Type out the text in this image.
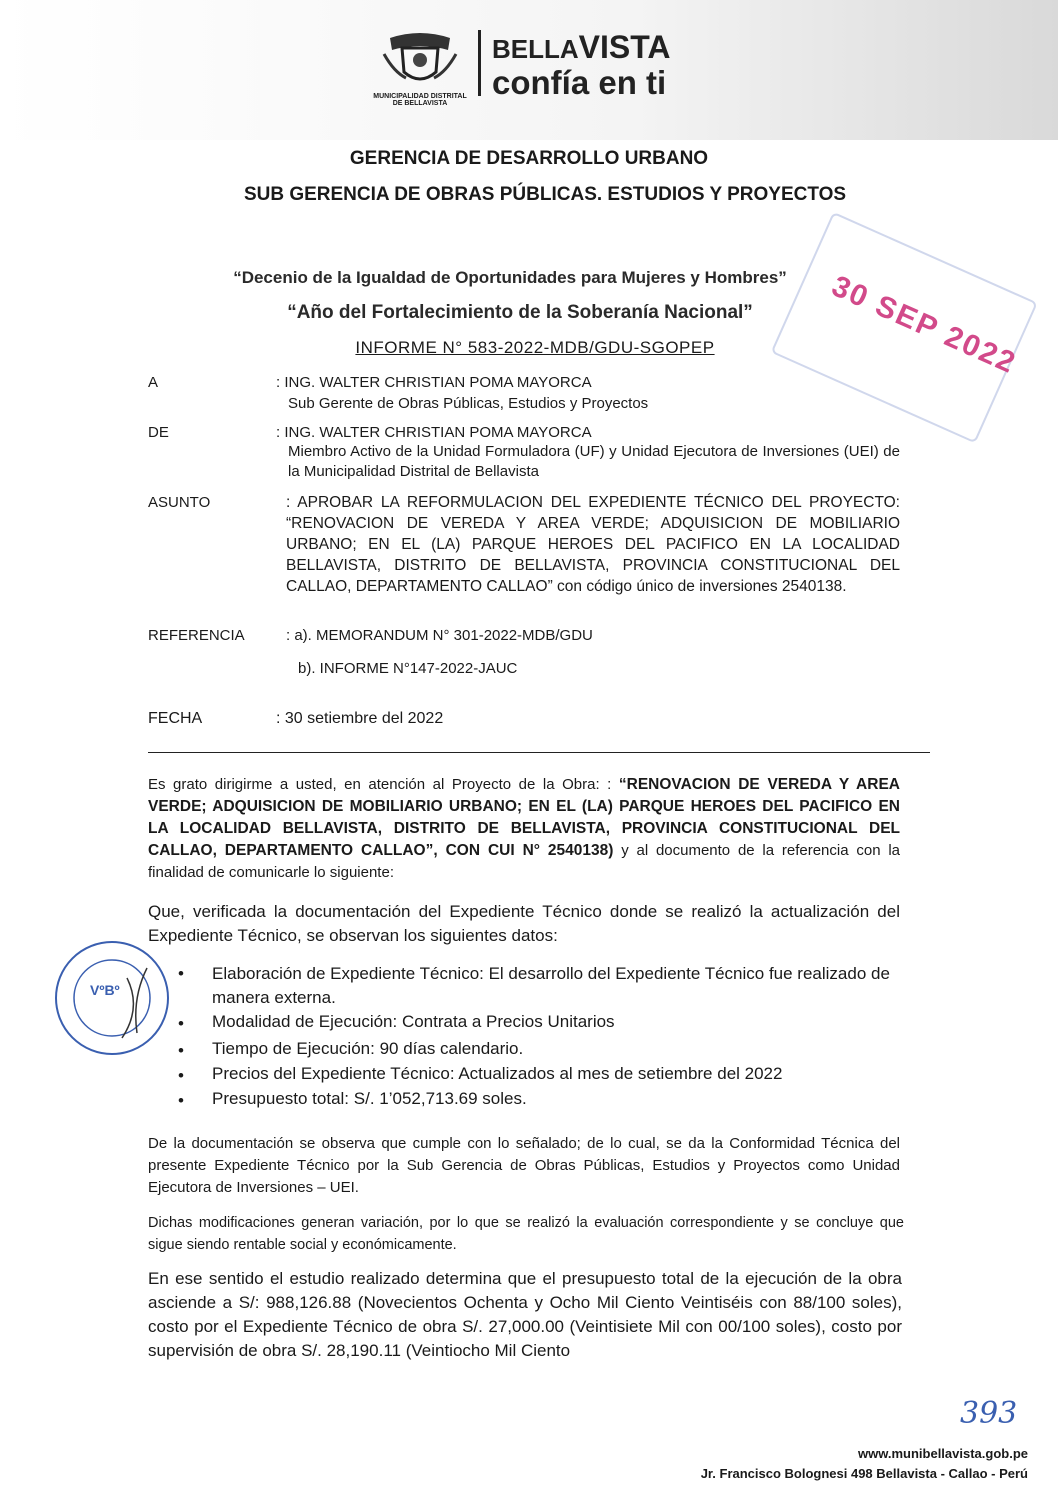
MUNICIPALIDAD DISTRITAL
DE BELLAVISTA
BELLAVISTA
confía en ti
GERENCIA DE DESARROLLO URBANO
SUB GERENCIA DE OBRAS PÚBLICAS. ESTUDIOS Y PROYECTOS
“Decenio de la Igualdad de Oportunidades para Mujeres y Hombres”
“Año del Fortalecimiento de la Soberanía Nacional”	30 SEP 2022
INFORME N° 583-2022-MDB/GDU-SGOPEP
A	: ING. WALTER CHRISTIAN POMA MAYORCA
Sub Gerente de Obras Públicas, Estudios y Proyectos
DE	: ING. WALTER CHRISTIAN POMA MAYORCA
Miembro Activo de la Unidad Formuladora (UF) y Unidad Ejecutora de Inversiones (UEI) de la Municipalidad Distrital de Bellavista
ASUNTO	: APROBAR LA REFORMULACION DEL EXPEDIENTE TÉCNICO DEL PROYECTO: “RENOVACION DE VEREDA Y AREA VERDE; ADQUISICION DE MOBILIARIO URBANO; EN EL (LA) PARQUE HEROES DEL PACIFICO EN LA LOCALIDAD BELLAVISTA, DISTRITO DE BELLAVISTA, PROVINCIA CONSTITUCIONAL DEL CALLAO, DEPARTAMENTO CALLAO” con código único de inversiones 2540138.
REFERENCIA	: a). MEMORANDUM N° 301-2022-MDB/GDU
b). INFORME N°147-2022-JAUC
FECHA	: 30 setiembre del 2022
Es grato dirigirme a usted, en atención al Proyecto de la Obra: : “RENOVACION DE VEREDA Y AREA VERDE; ADQUISICION DE MOBILIARIO URBANO; EN EL (LA) PARQUE HEROES DEL PACIFICO EN LA LOCALIDAD BELLAVISTA, DISTRITO DE BELLAVISTA, PROVINCIA CONSTITUCIONAL DEL CALLAO, DEPARTAMENTO CALLAO”, CON CUI N° 2540138) y al documento de la referencia con la finalidad de comunicarle lo siguiente:
Que, verificada la documentación del Expediente Técnico donde se realizó la actualización del Expediente Técnico, se observan los siguientes datos:
VºBº
• Elaboración de Expediente Técnico: El desarrollo del Expediente Técnico fue realizado de manera externa.
• Modalidad de Ejecución: Contrata a Precios Unitarios
• Tiempo de Ejecución: 90 días calendario.
• Precios del Expediente Técnico: Actualizados al mes de setiembre del 2022
• Presupuesto total: S/. 1’052,713.69 soles.
De la documentación se observa que cumple con lo señalado; de lo cual, se da la Conformidad Técnica del presente Expediente Técnico por la Sub Gerencia de Obras Públicas, Estudios y Proyectos como Unidad Ejecutora de Inversiones – UEI.
Dichas modificaciones generan variación, por lo que se realizó la evaluación correspondiente y se concluye que sigue siendo rentable social y económicamente.
En ese sentido el estudio realizado determina que el presupuesto total de la ejecución de la obra asciende a S/: 988,126.88 (Novecientos Ochenta y Ocho Mil Ciento Veintiséis con 88/100 soles), costo por el Expediente Técnico de obra S/. 27,000.00 (Veintisiete Mil con 00/100 soles), costo por supervisión de obra S/. 28,190.11 (Veintiocho Mil Ciento
393
www.munibellavista.gob.pe
Jr. Francisco Bolognesi 498 Bellavista - Callao - Perú
